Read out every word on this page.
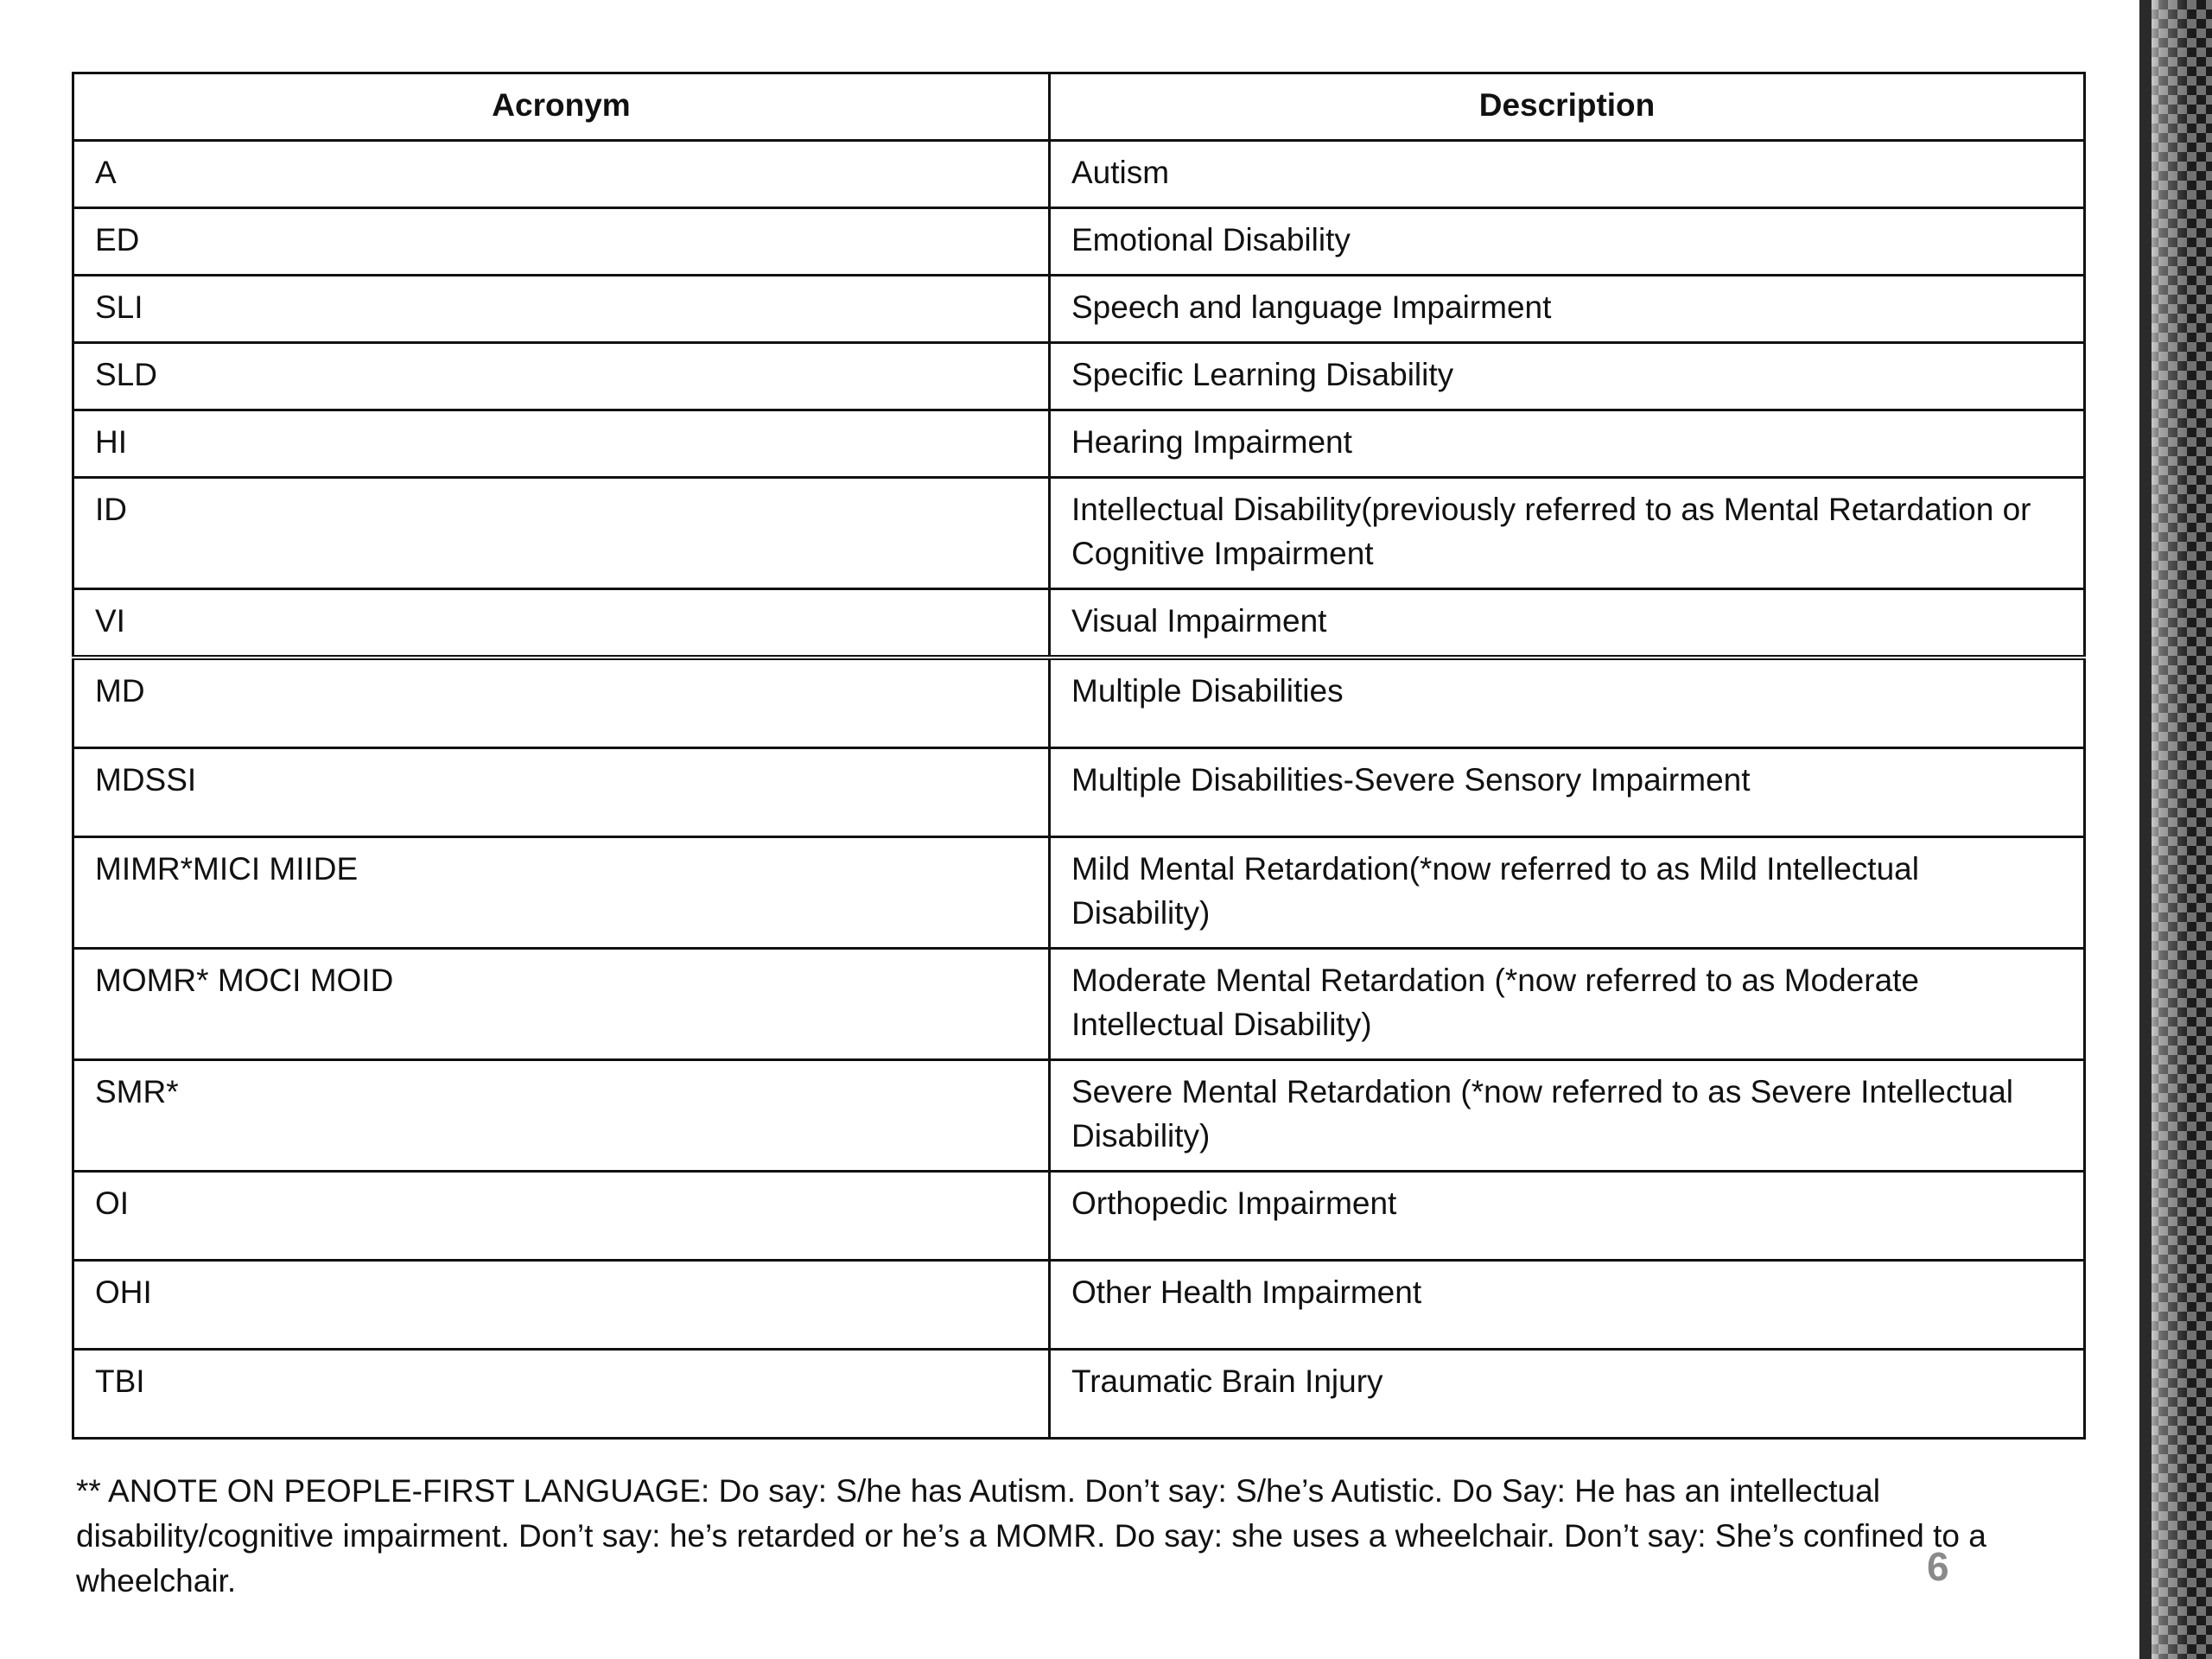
Acronym	Description
A	Autism
ED	Emotional Disability
SLI	Speech and language Impairment
SLD	Specific Learning Disability
HI	Hearing Impairment
ID	Intellectual Disability(previously referred to as Mental Retardation or Cognitive Impairment
VI	Visual Impairment
MD	Multiple Disabilities
MDSSI	Multiple Disabilities-Severe Sensory Impairment
MIMR*MICI MIIDE	Mild Mental Retardation(*now referred to as Mild Intellectual Disability)
MOMR* MOCI MOID	Moderate Mental Retardation (*now referred to as Moderate Intellectual Disability)
SMR*	Severe Mental Retardation (*now referred to as Severe Intellectual Disability)
OI	Orthopedic Impairment
OHI	Other Health Impairment
TBI	Traumatic Brain Injury
** ANOTE ON PEOPLE-FIRST LANGUAGE: Do say: S/he has Autism. Don’t say: S/he’s Autistic. Do Say: He has an intellectual disability/cognitive impairment. Don’t say: he’s retarded or he’s a MOMR. Do say: she uses a wheelchair. Don’t say: She’s confined to a wheelchair.	6
